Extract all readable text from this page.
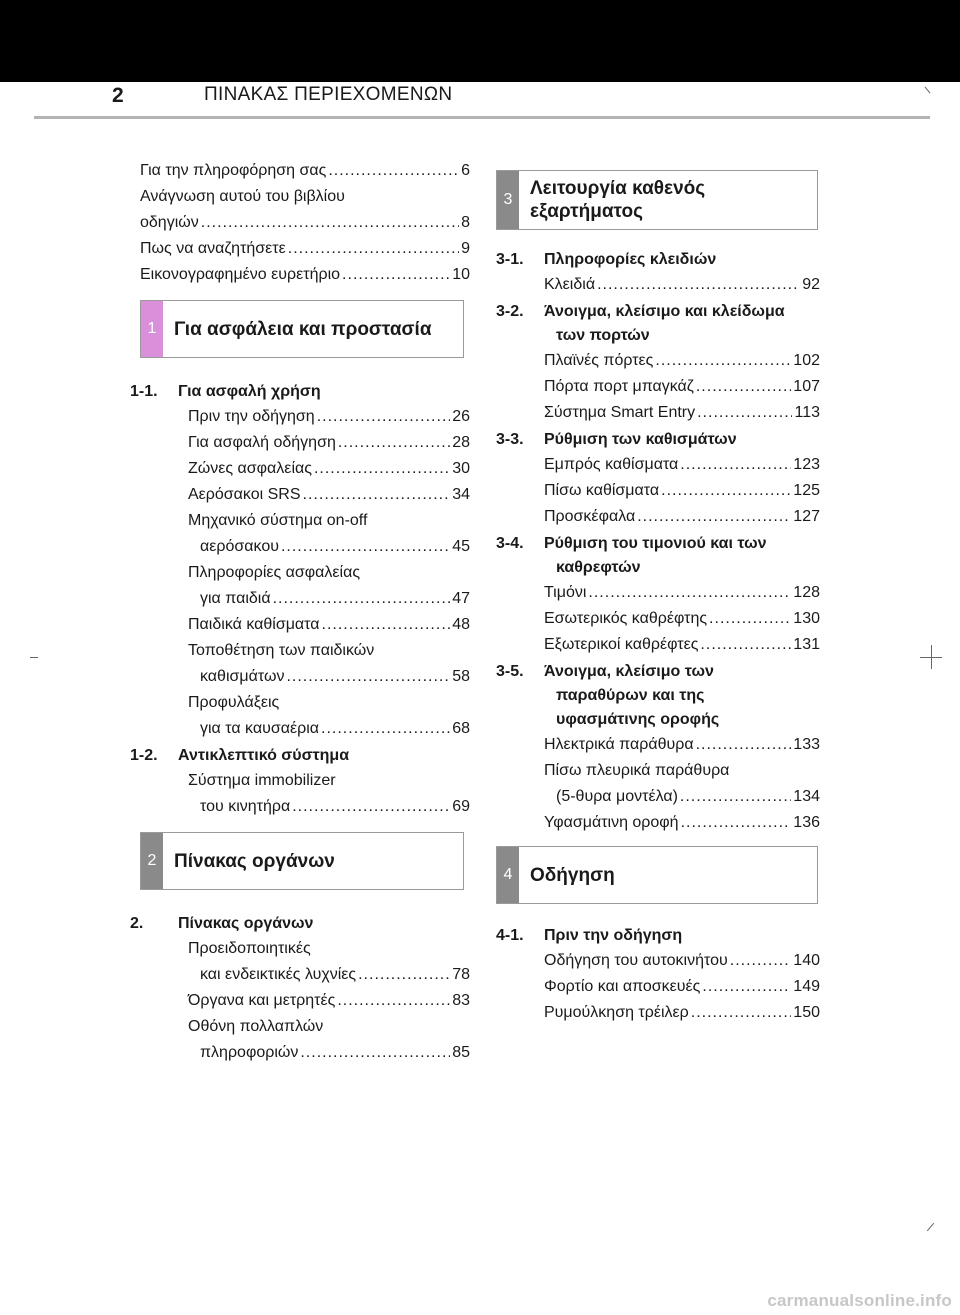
2	ΠΙΝΑΚΑΣ ΠΕΡΙΕΧΟΜΕΝΩΝ
Για την πληροφόρηση σας .....	6
Ανάγνωση αυτού του βιβλίου
οδηγιών .....	8
Πως να αναζητήσετε .....	9
Εικονογραφημένο ευρετήριο .....	10
1 Για ασφάλεια και προστασία
1-1.	Για ασφαλή χρήση
Πριν την οδήγηση .....	26
Για ασφαλή οδήγηση .....	28
Ζώνες ασφαλείας .....	30
Αερόσακοι SRS .....	34
Μηχανικό σύστημα on-off
αερόσακου .....	45
Πληροφορίες ασφαλείας
για παιδιά .....	47
Παιδικά καθίσματα .....	48
Τοποθέτηση των παιδικών
καθισμάτων .....	58
Προφυλάξεις
για τα καυσαέρια .....	68
1-2.	Αντικλεπτικό σύστημα
Σύστημα immobilizer
του κινητήρα .....	69
2 Πίνακας οργάνων
2.	Πίνακας οργάνων
Προειδοποιητικές
και ενδεικτικές λυχνίες .....	78
Όργανα και μετρητές .....	83
Οθόνη πολλαπλών
πληροφοριών .....	85
3
Λειτουργία καθενός
εξαρτήματος
3-1.	Πληροφορίες κλειδιών
Κλειδιά .....	92
3-2.	Άνοιγμα, κλείσιμο και κλείδωμα
των πορτών
Πλαϊνές πόρτες .....	102
Πόρτα πορτ μπαγκάζ .....	107
Σύστημα Smart Entry .....	113
3-3.	Ρύθμιση των καθισμάτων
Εμπρός καθίσματα .....	123
Πίσω καθίσματα .....	125
Προσκέφαλα .....	127
3-4.	Ρύθμιση του τιμονιού και των
καθρεφτών
Τιμόνι .....	128
Εσωτερικός καθρέφτης .....	130
Εξωτερικοί καθρέφτες .....	131
3-5.	Άνοιγμα, κλείσιμο των
παραθύρων και της
υφασμάτινης οροφής
Ηλεκτρικά παράθυρα .....	133
Πίσω πλευρικά παράθυρα
(5-θυρα μοντέλα) .....	134
Υφασμάτινη οροφή .....	136
4 Οδήγηση
4-1.	Πριν την οδήγηση
Οδήγηση του αυτοκινήτου .....	140
Φορτίο και αποσκευές .....	149
Ρυμούλκηση τρέιλερ .....	150
carmanualsonline.info
